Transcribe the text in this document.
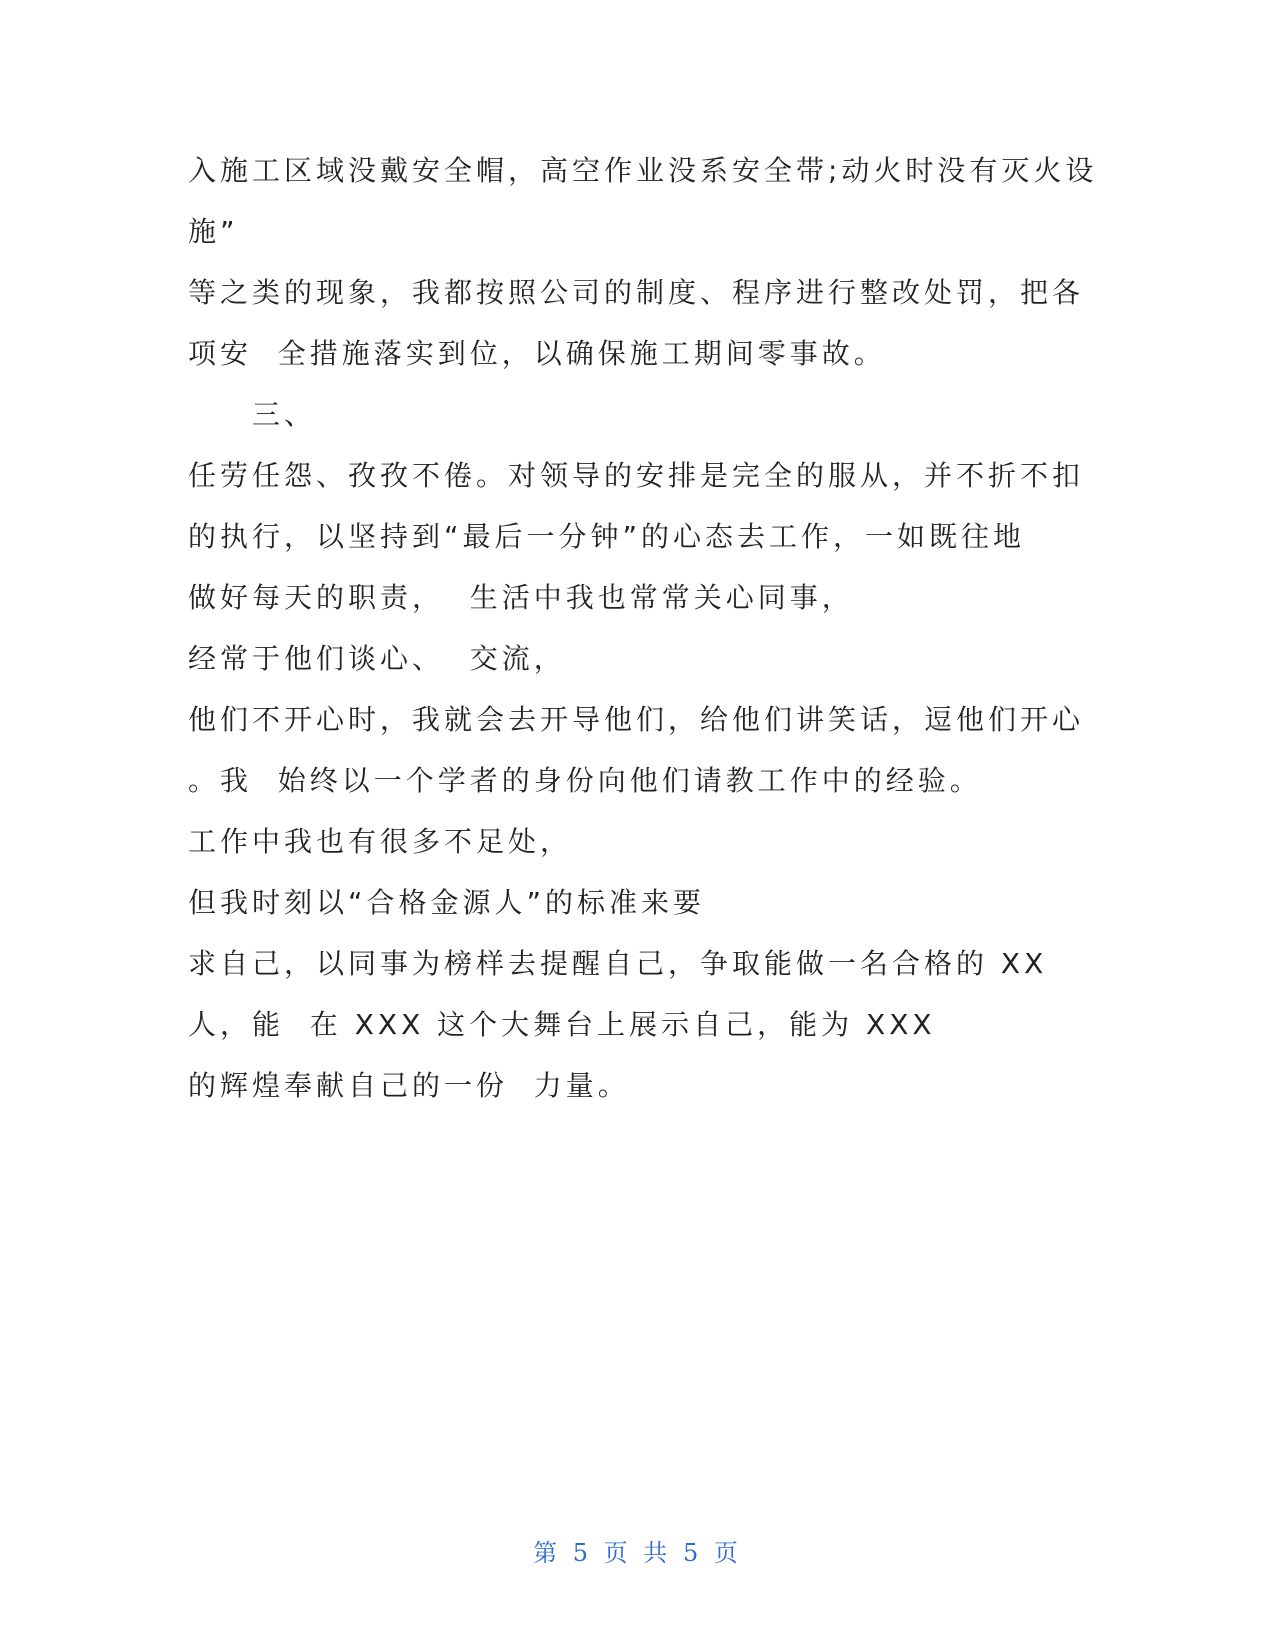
入施工区域没戴安全帽，高空作业没系安全带;动火时没有灭火设
施”
等之类的现象，我都按照公司的制度、程序进行整改处罚，把各
项安  全措施落实到位，以确保施工期间零事故。
三、
任劳任怨、孜孜不倦。对领导的安排是完全的服从，并不折不扣
的执行，以坚持到“最后一分钟”的心态去工作，一如既往地
做好每天的职责，  生活中我也常常关心同事，
经常于他们谈心、  交流，
他们不开心时，我就会去开导他们，给他们讲笑话，逗他们开心
。我  始终以一个学者的身份向他们请教工作中的经验。
工作中我也有很多不足处，
但我时刻以“合格金源人”的标准来要
求自己，以同事为榜样去提醒自己，争取能做一名合格的 XX
人，能  在 XXX 这个大舞台上展示自己，能为 XXX
的辉煌奉献自己的一份  力量。
第 5 页 共 5 页
